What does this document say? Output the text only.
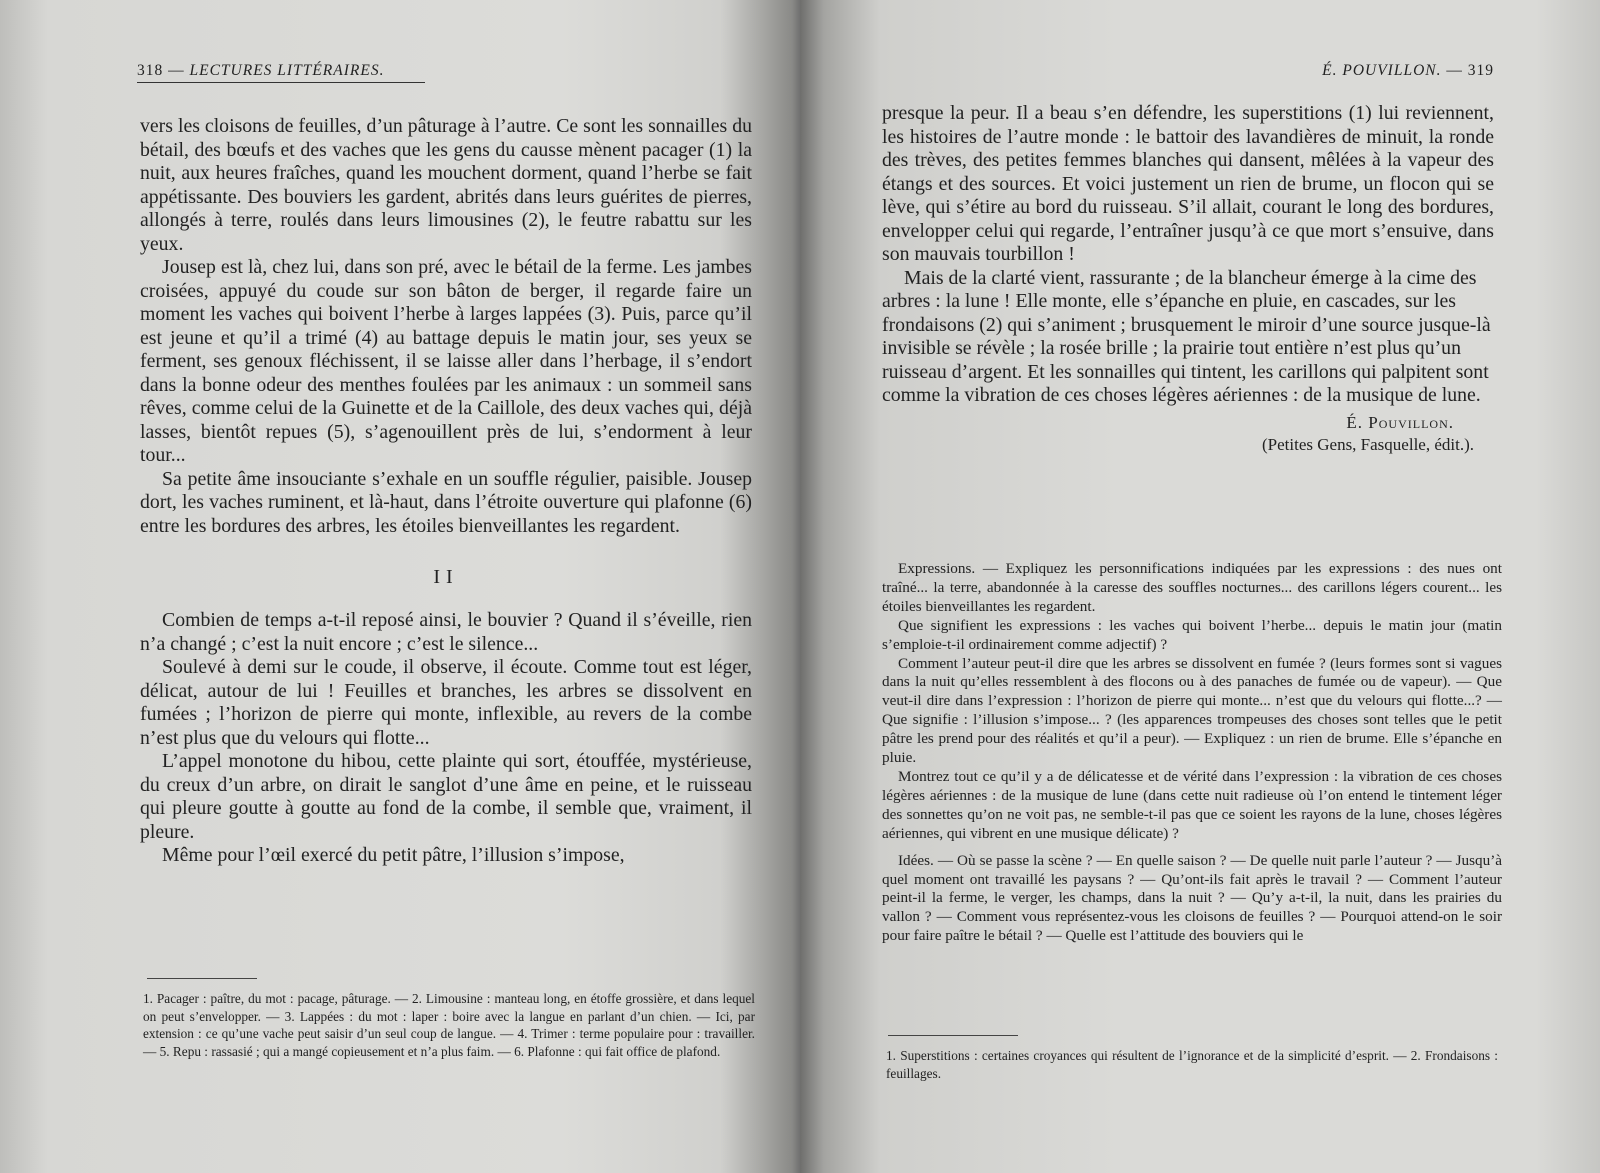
318 — LECTURES LITTÉRAIRES.

vers les cloisons de feuilles, d’un pâturage à l’autre. Ce sont les sonnailles du bétail, des bœufs et des vaches que les gens du causse mènent pacager (1) la nuit, aux heures fraîches, quand les mouchent dorment, quand l’herbe se fait appétissante. Des bouviers les gardent, abrités dans leurs guérites de pierres, allongés à terre, roulés dans leurs limousines (2), le feutre rabattu sur les yeux.

Jousep est là, chez lui, dans son pré, avec le bétail de la ferme. Les jambes croisées, appuyé du coude sur son bâton de berger, il regarde faire un moment les vaches qui boivent l’herbe à larges lappées (3). Puis, parce qu’il est jeune et qu’il a trimé (4) au battage depuis le matin jour, ses yeux se ferment, ses genoux fléchissent, il se laisse aller dans l’herbage, il s’endort dans la bonne odeur des menthes foulées par les animaux : un sommeil sans rêves, comme celui de la Guinette et de la Caillole, des deux vaches qui, déjà lasses, bientôt repues (5), s’agenouillent près de lui, s’endorment à leur tour...

Sa petite âme insouciante s’exhale en un souffle régulier, paisible. Jousep dort, les vaches ruminent, et là-haut, dans l’étroite ouverture qui plafonne (6) entre les bordures des arbres, les étoiles bienveillantes les regardent.

II

Combien de temps a-t-il reposé ainsi, le bouvier ? Quand il s’éveille, rien n’a changé ; c’est la nuit encore ; c’est le silence...

Soulevé à demi sur le coude, il observe, il écoute. Comme tout est léger, délicat, autour de lui ! Feuilles et branches, les arbres se dissolvent en fumées ; l’horizon de pierre qui monte, inflexible, au revers de la combe n’est plus que du velours qui flotte...

L’appel monotone du hibou, cette plainte qui sort, étouffée, mystérieuse, du creux d’un arbre, on dirait le sanglot d’une âme en peine, et le ruisseau qui pleure goutte à goutte au fond de la combe, il semble que, vraiment, il pleure.

Même pour l’œil exercé du petit pâtre, l’illusion s’impose,

1. Pacager : paître, du mot : pacage, pâturage. — 2. Limousine : manteau long, en étoffe grossière, et dans lequel on peut s’envelopper. — 3. Lappées : du mot : laper : boire avec la langue en parlant d’un chien. — Ici, par extension : ce qu’une vache peut saisir d’un seul coup de langue. — 4. Trimer : terme populaire pour : travailler. — 5. Repu : rassasié ; qui a mangé copieusement et n’a plus faim. — 6. Plafonne : qui fait office de plafond.
É. POUVILLON. — 319

presque la peur. Il a beau s’en défendre, les superstitions (1) lui reviennent, les histoires de l’autre monde : le battoir des lavandières de minuit, la ronde des trèves, des petites femmes blanches qui dansent, mêlées à la vapeur des étangs et des sources. Et voici justement un rien de brume, un flocon qui se lève, qui s’étire au bord du ruisseau. S’il allait, courant le long des bordures, envelopper celui qui regarde, l’entraîner jusqu’à ce que mort s’ensuive, dans son mauvais tourbillon !

Mais de la clarté vient, rassurante ; de la blancheur émerge à la cime des arbres : la lune ! Elle monte, elle s’épanche en pluie, en cascades, sur les frondaisons (2) qui s’animent ; brusquement le miroir d’une source jusque-là invisible se révèle ; la rosée brille ; la prairie tout entière n’est plus qu’un ruisseau d’argent. Et les sonnailles qui tintent, les carillons qui palpitent sont comme la vibration de ces choses légères aériennes : de la musique de lune.

É. Pouvillon.
(Petites Gens, Fasquelle, édit.).

Expressions. — Expliquez les personnifications indiquées par les expressions : des nues ont traîné... la terre, abandonnée à la caresse des souffles nocturnes... des carillons légers courent... les étoiles bienveillantes les regardent.

Que signifient les expressions : les vaches qui boivent l’herbe... depuis le matin jour (matin s’emploie-t-il ordinairement comme adjectif) ?

Comment l’auteur peut-il dire que les arbres se dissolvent en fumée ? (leurs formes sont si vagues dans la nuit qu’elles ressemblent à des flocons ou à des panaches de fumée ou de vapeur). — Que veut-il dire dans l’expression : l’horizon de pierre qui monte... n’est que du velours qui flotte...? — Que signifie : l’illusion s’impose... ? (les apparences trompeuses des choses sont telles que le petit pâtre les prend pour des réalités et qu’il a peur). — Expliquez : un rien de brume. Elle s’épanche en pluie.

Montrez tout ce qu’il y a de délicatesse et de vérité dans l’expression : la vibration de ces choses légères aériennes : de la musique de lune (dans cette nuit radieuse où l’on entend le tintement léger des sonnettes qu’on ne voit pas, ne semble-t-il pas que ce soient les rayons de la lune, choses légères aériennes, qui vibrent en une musique délicate) ?

Idées. — Où se passe la scène ? — En quelle saison ? — De quelle nuit parle l’auteur ? — Jusqu’à quel moment ont travaillé les paysans ? — Qu’ont-ils fait après le travail ? — Comment l’auteur peint-il la ferme, le verger, les champs, dans la nuit ? — Qu’y a-t-il, la nuit, dans les prairies du vallon ? — Comment vous représentez-vous les cloisons de feuilles ? — Pourquoi attend-on le soir pour faire paître le bétail ? — Quelle est l’attitude des bouviers qui le

1. Superstitions : certaines croyances qui résultent de l’ignorance et de la simplicité d’esprit. — 2. Frondaisons : feuillages.
